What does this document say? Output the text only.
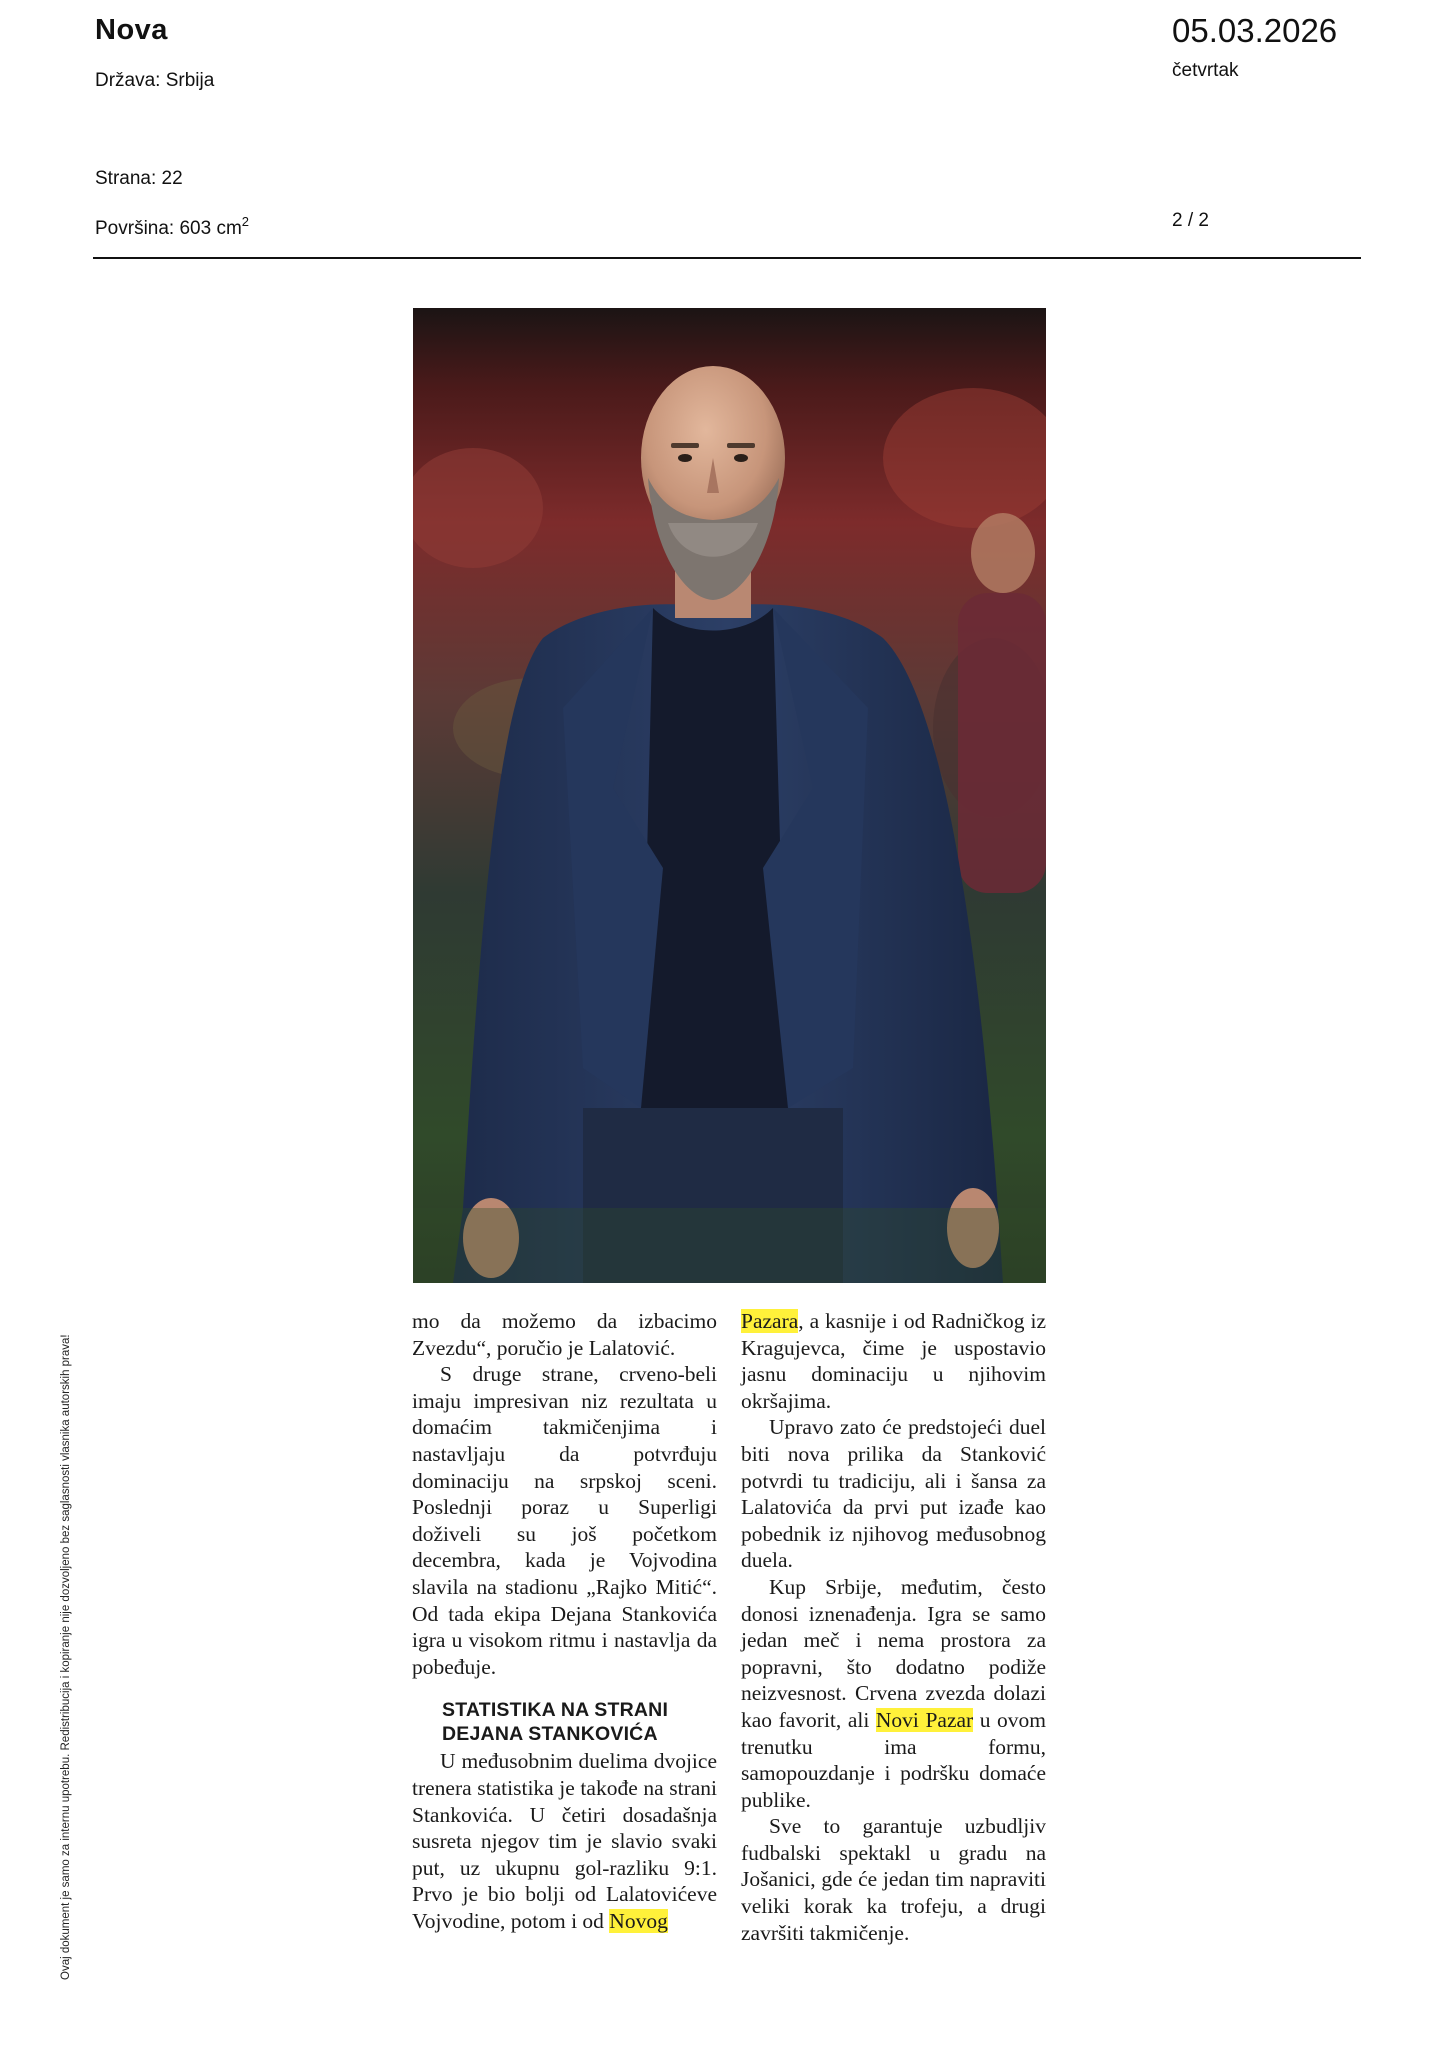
Nova
Država: Srbija
Strana: 22
Površina: 603 $cm^2$
05.03.2026
četvrtak
2 / 2
Ovaj dokument je samo za internu upotrebu. Redistribucija i kopiranje nije dozvoljeno bez saglasnosti vlasnika autorskih prava!

mo da možemo da izbacimo Zvezdu“, poručio je Lalatović.

S druge strane, crveno-beli imaju impresivan niz rezultata u domaćim takmičenjima i nastavljaju da potvrđuju dominaciju na srpskoj sceni. Poslednji poraz u Superligi doživeli su još početkom decembra, kada je Vojvodina slavila na stadionu „Rajko Mitić“. Od tada ekipa Dejana Stankovića igra u visokom ritmu i nastavlja da pobeđuje.

STATISTIKA NA STRANI
DEJANA STANKOVIĆA

U međusobnim duelima dvojice trenera statistika je takođe na strani Stankovića. U četiri dosadašnja susreta njegov tim je slavio svaki put, uz ukupnu gol-razliku 9:1. Prvo je bio bolji od Lalatovićeve Vojvodine, potom i od Novog

Pazara, a kasnije i od Radničkog iz Kragujevca, čime je uspostavio jasnu dominaciju u njihovim okršajima.

Upravo zato će predstojeći duel biti nova prilika da Stanković potvrdi tu tradiciju, ali i šansa za Lalatovića da prvi put izađe kao pobednik iz njihovog međusobnog duela.

Kup Srbije, međutim, često donosi iznenađenja. Igra se samo jedan meč i nema prostora za popravni, što dodatno podiže neizvesnost. Crvena zvezda dolazi kao favorit, ali Novi Pazar u ovom trenutku ima formu, samopouzdanje i podršku domaće publike.

Sve to garantuje uzbudljiv fudbalski spektakl u gradu na Jošanici, gde će jedan tim napraviti veliki korak ka trofeju, a drugi završiti takmičenje.
